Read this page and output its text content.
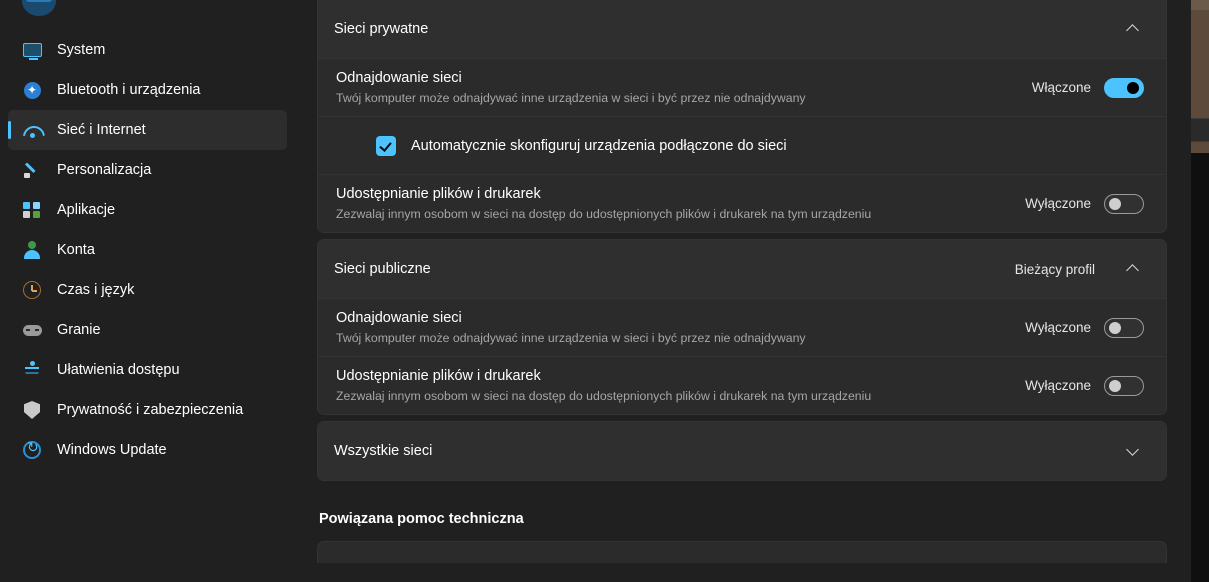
System
✦ Bluetooth i urządzenia
Sieć i Internet
Personalizacja
Aplikacje
Konta
Czas i język
Granie
Ułatwienia dostępu
Prywatność i zabezpieczenia
↻
Windows Update
Sieci prywatne
Odnajdowanie sieci
Twój komputer może odnajdywać inne urządzenia w sieci i być przez nie odnajdywany
Włączone
Automatycznie skonfiguruj urządzenia podłączone do sieci
Udostępnianie plików i drukarek
Zezwalaj innym osobom w sieci na dostęp do udostępnionych plików i drukarek na tym urządzeniu
Wyłączone
Sieci publiczne	Bieżący profil
Odnajdowanie sieci
Twój komputer może odnajdywać inne urządzenia w sieci i być przez nie odnajdywany
Wyłączone
Udostępnianie plików i drukarek
Zezwalaj innym osobom w sieci na dostęp do udostępnionych plików i drukarek na tym urządzeniu
Wyłączone
Wszystkie sieci
Powiązana pomoc techniczna
